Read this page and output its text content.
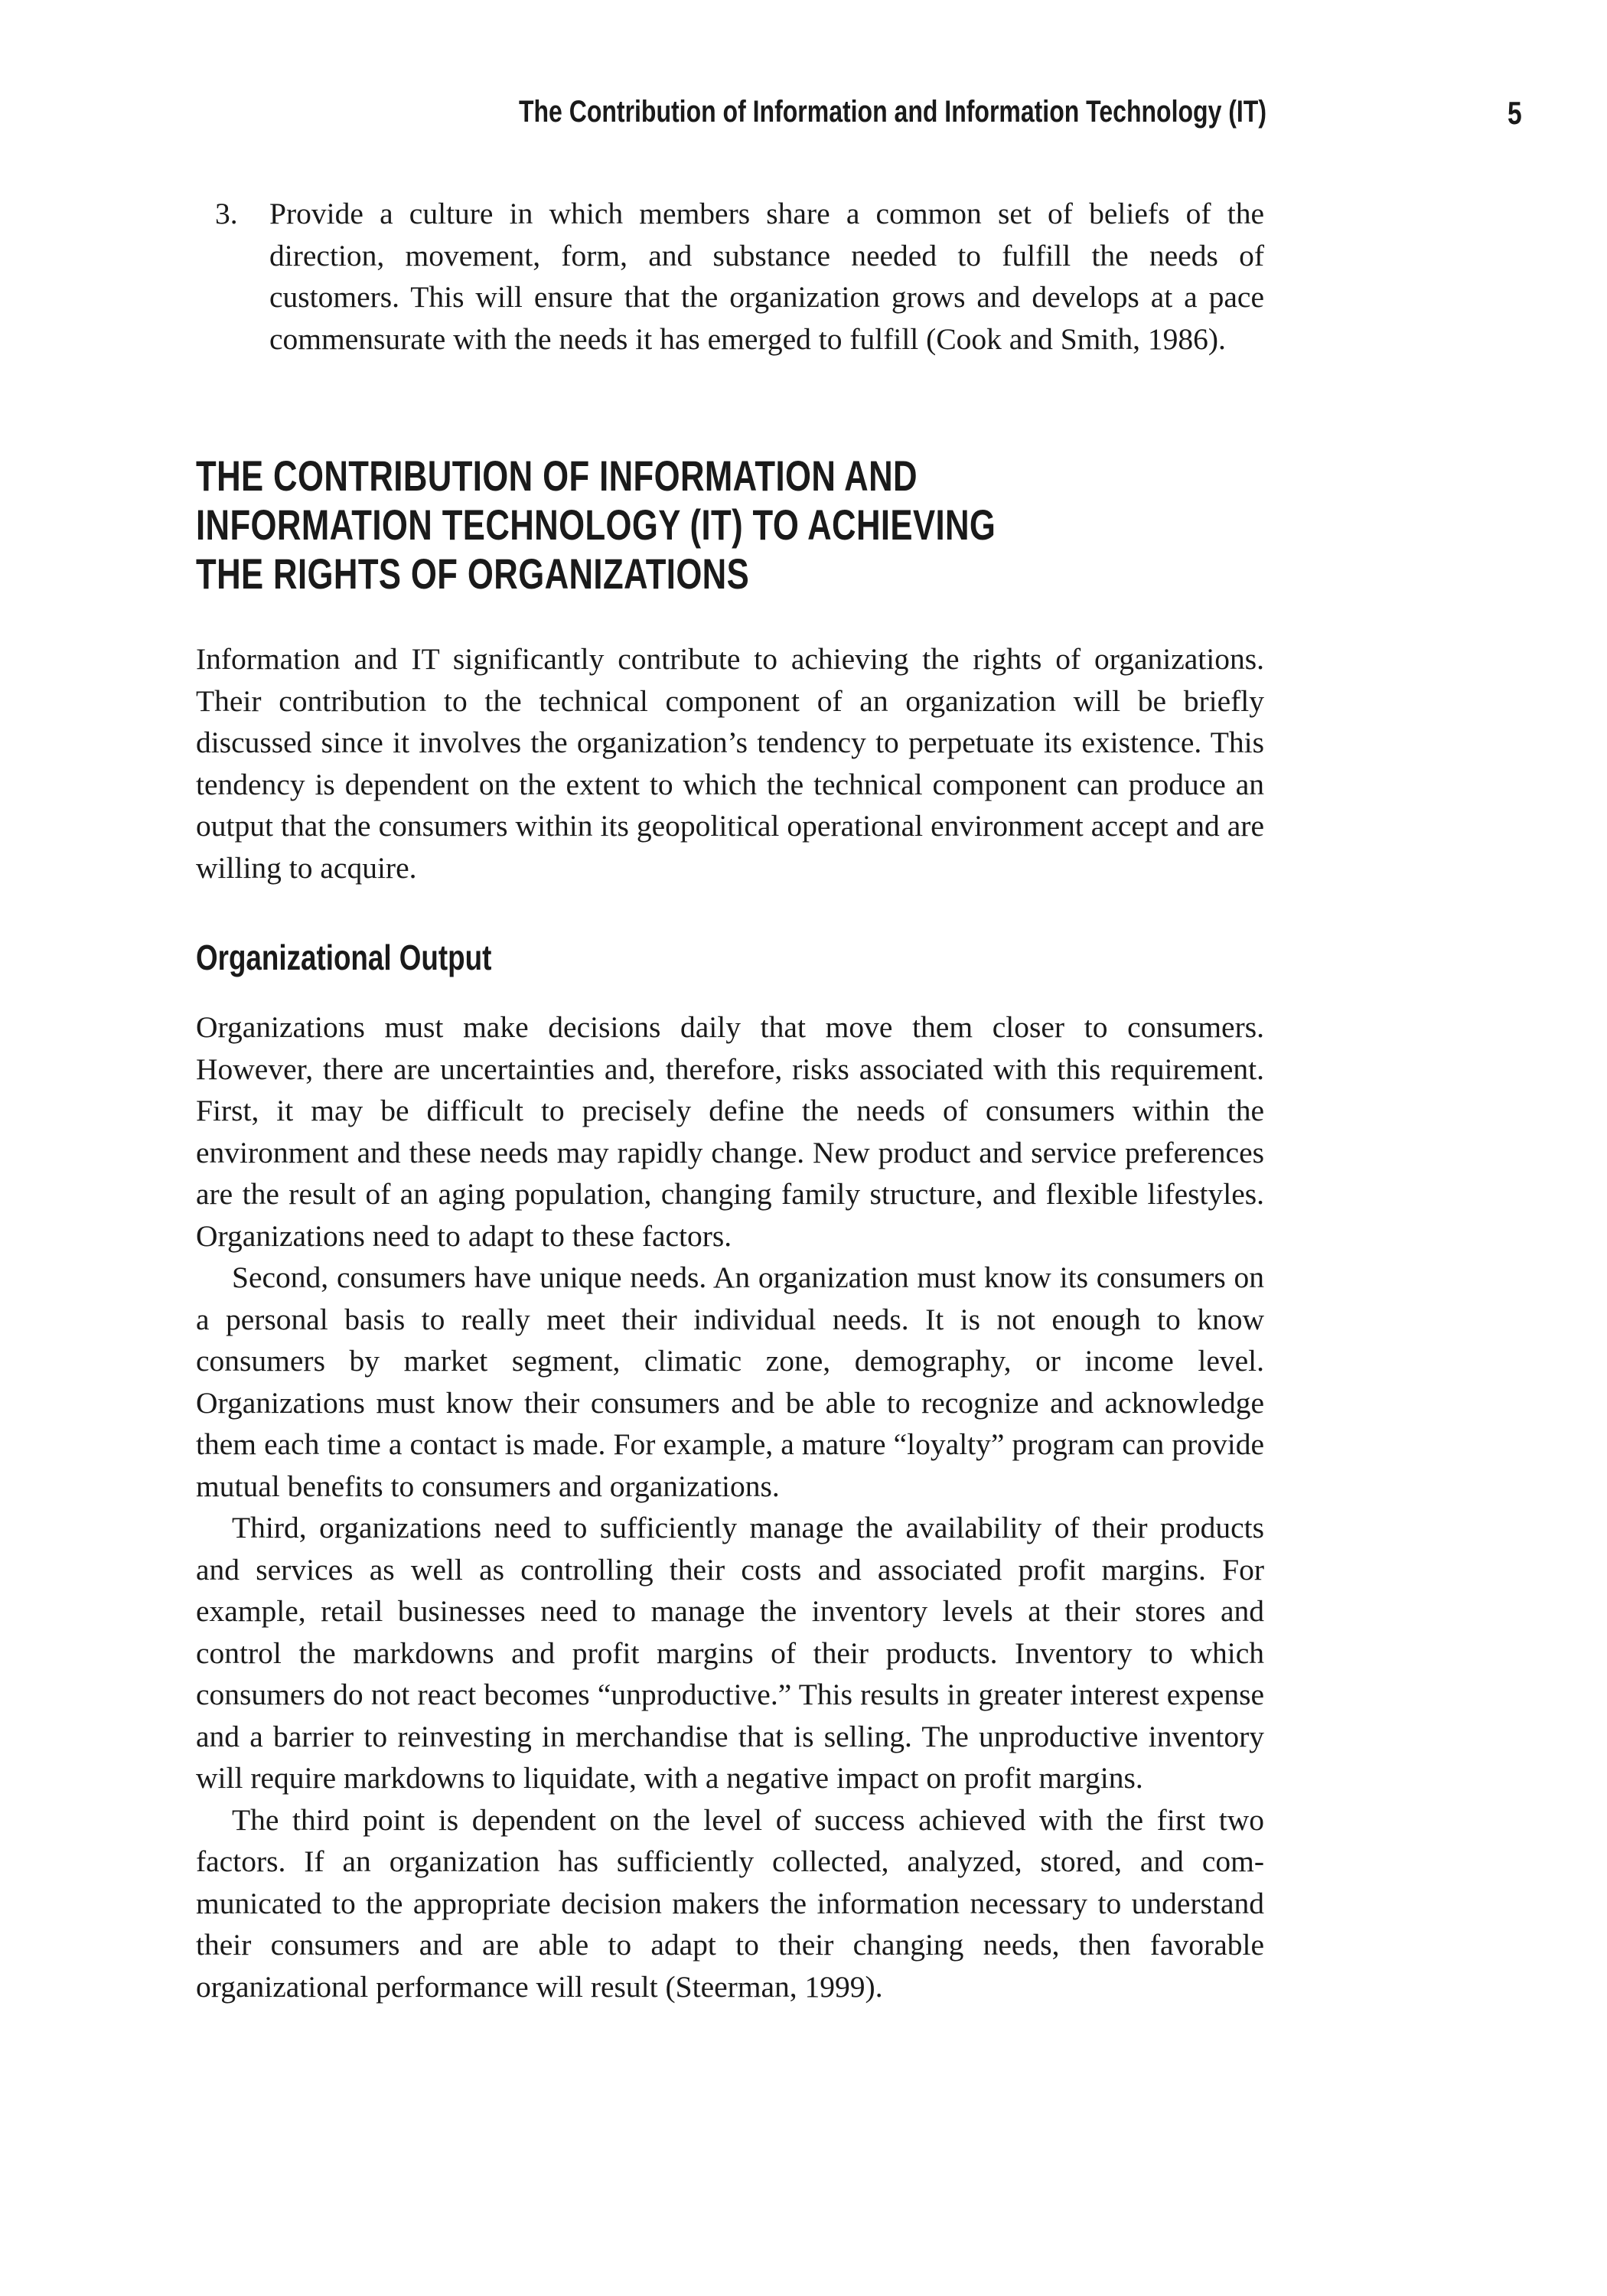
The Contribution of Information and Information Technology (IT)	5
3.	Provide a culture in which members share a common set of beliefs of the direction, movement, form, and substance needed to fulfill the needs of customers. This will ensure that the organization grows and develops at a pace commensurate with the needs it has emerged to fulfill (Cook and Smith, 1986).
THE CONTRIBUTION OF INFORMATION AND
INFORMATION TECHNOLOGY (IT) TO ACHIEVING
THE RIGHTS OF ORGANIZATIONS

Information and IT significantly contribute to achieving the rights of organizations. Their contribution to the technical component of an organization will be briefly discussed since it involves the organization’s tendency to perpetuate its existence. This tendency is dependent on the extent to which the technical component can produce an output that the consumers within its geopolitical operational environment accept and are willing to acquire.

Organizational Output

Organizations must make decisions daily that move them closer to consumers. However, there are uncertainties and, therefore, risks associated with this requirement. First, it may be difficult to precisely define the needs of consumers within the environment and these needs may rapidly change. New product and service preferences are the result of an aging population, changing family structure, and flexible lifestyles. Organizations need to adapt to these factors.

Second, consumers have unique needs. An organization must know its consumers on a personal basis to really meet their individual needs. It is not enough to know consumers by market segment, climatic zone, demography, or income level. Organizations must know their consumers and be able to recognize and acknowledge them each time a contact is made. For example, a mature “loyalty” program can provide mutual benefits to consumers and organizations.

Third, organizations need to sufficiently manage the availability of their products and services as well as controlling their costs and associated profit margins. For example, retail businesses need to manage the inventory levels at their stores and control the markdowns and profit margins of their products. Inventory to which consumers do not react becomes “unproductive.” This results in greater interest expense and a barrier to reinvesting in merchandise that is selling. The unproductive inventory will require markdowns to liquidate, with a negative impact on profit margins.

The third point is dependent on the level of success achieved with the first two factors. If an organization has sufficiently collected, analyzed, stored, and communicated to the appropriate decision makers the information necessary to understand their consumers and are able to adapt to their changing needs, then favorable organizational performance will result (Steerman, 1999).
